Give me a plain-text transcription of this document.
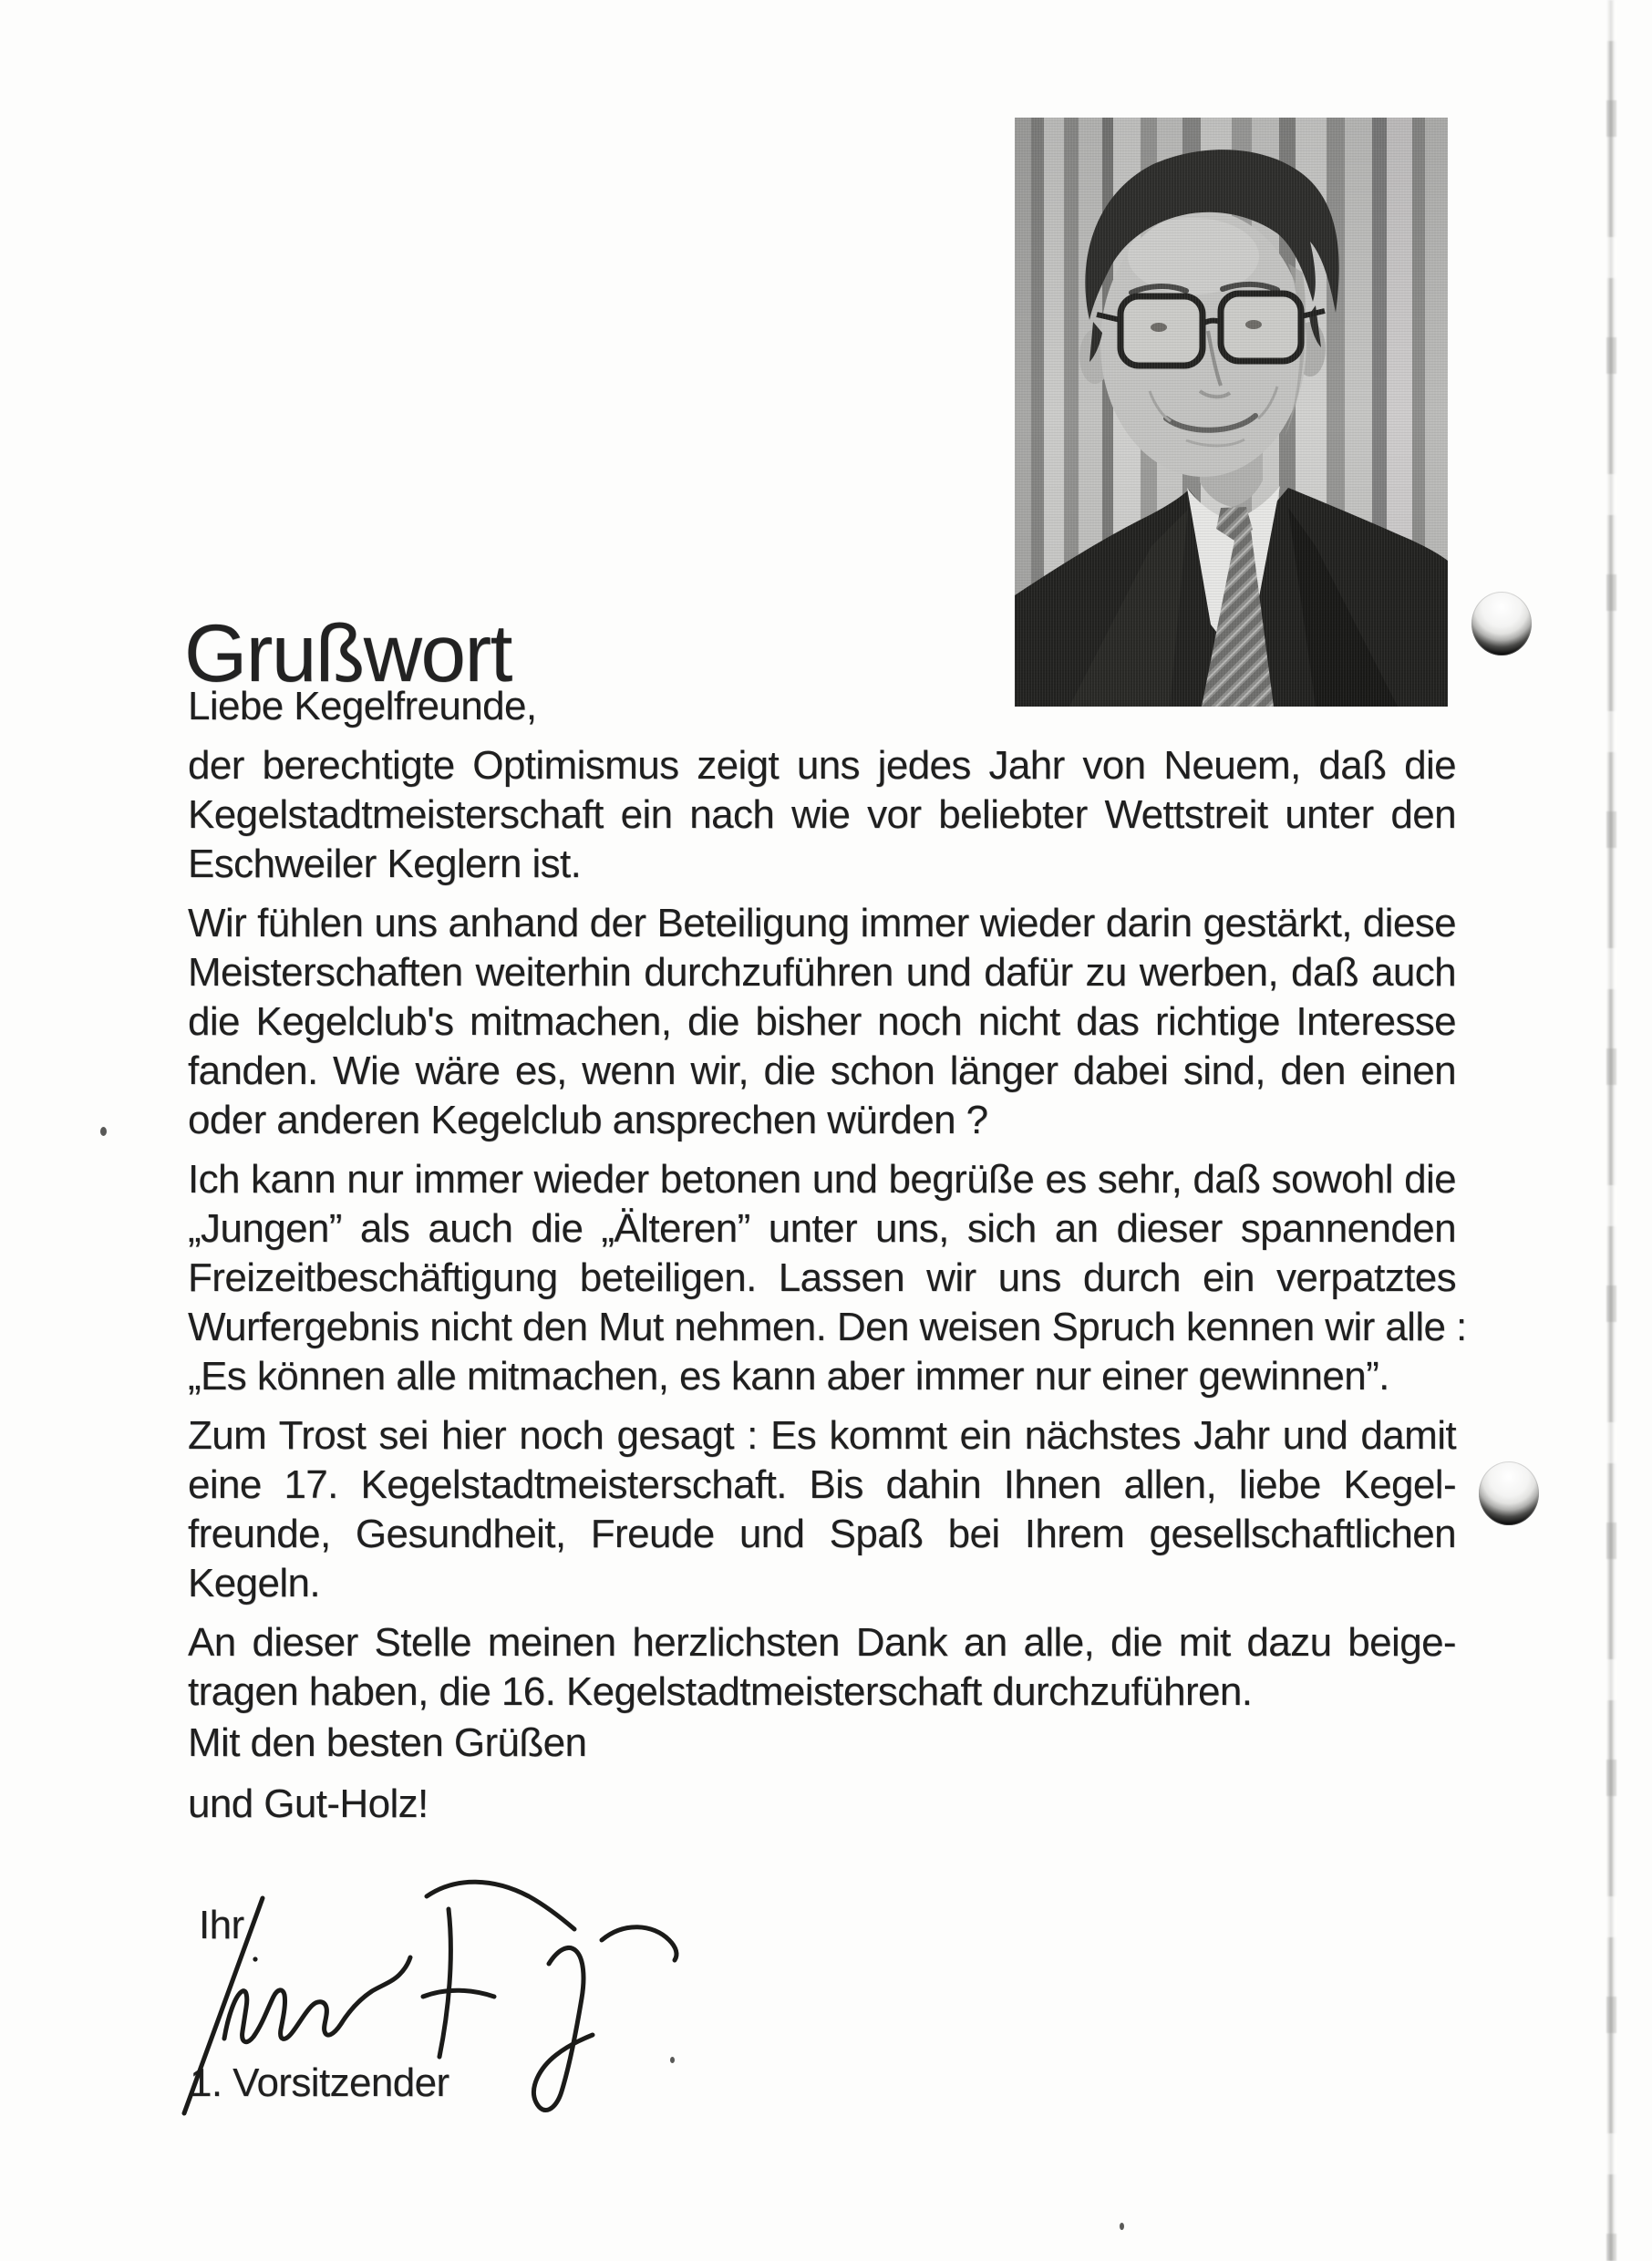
Grußwort
Liebe Kegelfreunde,
der berechtigte Optimismus zeigt uns jedes Jahr von Neuem, daß die
Kegelstadtmeisterschaft ein nach wie vor beliebter Wettstreit unter den
Eschweiler Keglern ist.
Wir fühlen uns anhand der Beteiligung immer wieder darin gestärkt, diese
Meisterschaften weiterhin durchzuführen und dafür zu werben, daß auch
die Kegelclub's mitmachen, die bisher noch nicht das richtige Interesse
fanden. Wie wäre es, wenn wir, die schon länger dabei sind, den einen
oder anderen Kegelclub ansprechen würden ?
Ich kann nur immer wieder betonen und begrüße es sehr, daß sowohl die
„Jungen” als auch die „Älteren” unter uns, sich an dieser spannenden
Freizeitbeschäftigung beteiligen. Lassen wir uns durch ein verpatztes
Wurfergebnis nicht den Mut nehmen. Den weisen Spruch kennen wir alle :
„Es können alle mitmachen, es kann aber immer nur einer gewinnen”.
Zum Trost sei hier noch gesagt : Es kommt ein nächstes Jahr und damit
eine 17. Kegelstadtmeisterschaft. Bis dahin Ihnen allen, liebe Kegel-
freunde, Gesundheit, Freude und Spaß bei Ihrem gesellschaftlichen
Kegeln.
An dieser Stelle meinen herzlichsten Dank an alle, die mit dazu beige-
tragen haben, die 16. Kegelstadtmeisterschaft durchzuführen.
Mit den besten Grüßen
und Gut-Holz!
Ihr
1. Vorsitzender
